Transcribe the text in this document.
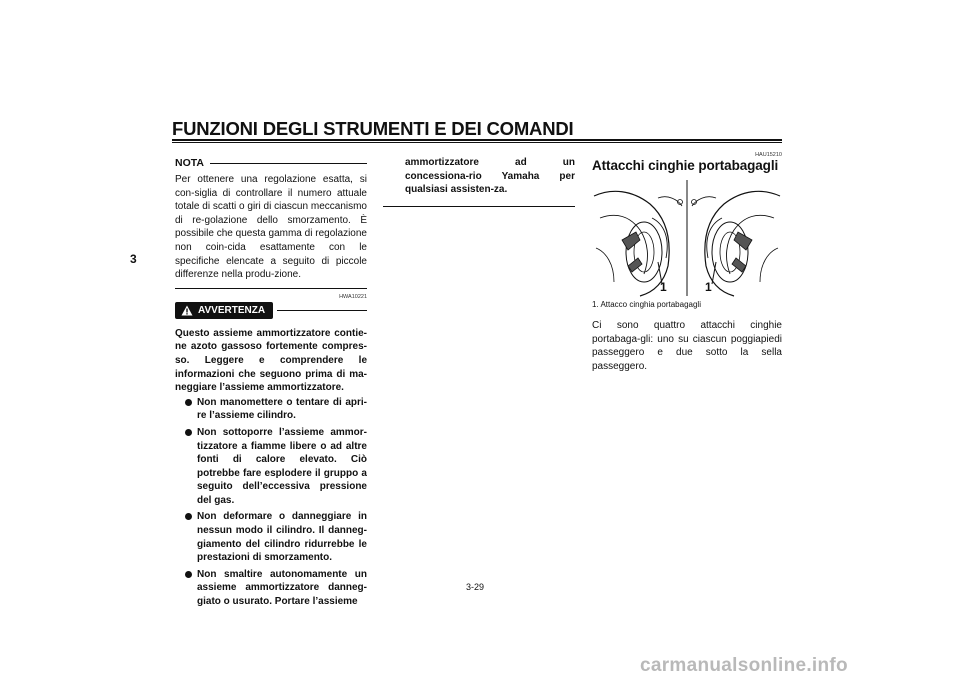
FUNZIONI DEGLI STRUMENTI E DEI COMANDI
3
NOTA

Per ottenere una regolazione esatta, si con-siglia di controllare il numero attuale totale di scatti o giri di ciascun meccanismo di re-golazione dello smorzamento. È possibile che questa gamma di regolazione non coin-cida esattamente con le specifiche elencate a seguito di piccole differenze nella produ-zione.

HWA10221
AVVERTENZA

Questo assieme ammortizzatore contie-ne azoto gassoso fortemente compres-so. Leggere e comprendere le informazioni che seguono prima di ma-neggiare l’assieme ammortizzatore.

Non manomettere o tentare di apri-re l’assieme cilindro.
Non sottoporre l’assieme ammor-tizzatore a fiamme libere o ad altre fonti di calore elevato. Ciò potrebbe fare esplodere il gruppo a seguito dell’eccessiva pressione del gas.
Non deformare o danneggiare in nessun modo il cilindro. Il danneg-giamento del cilindro ridurrebbe le prestazioni di smorzamento.
Non smaltire autonomamente un assieme ammortizzatore danneg-giato o usurato. Portare l’assieme

ammortizzatore ad un concessiona-rio Yamaha per qualsiasi assisten-za.

HAU15210
Attacchi cinghie portabagagli
1	1
1. Attacco cinghia portabagagli

Ci sono quattro attacchi cinghie portabaga-gli: uno su ciascun poggiapiedi passeggero e due sotto la sella passeggero.

3-29
carmanualsonline.info
